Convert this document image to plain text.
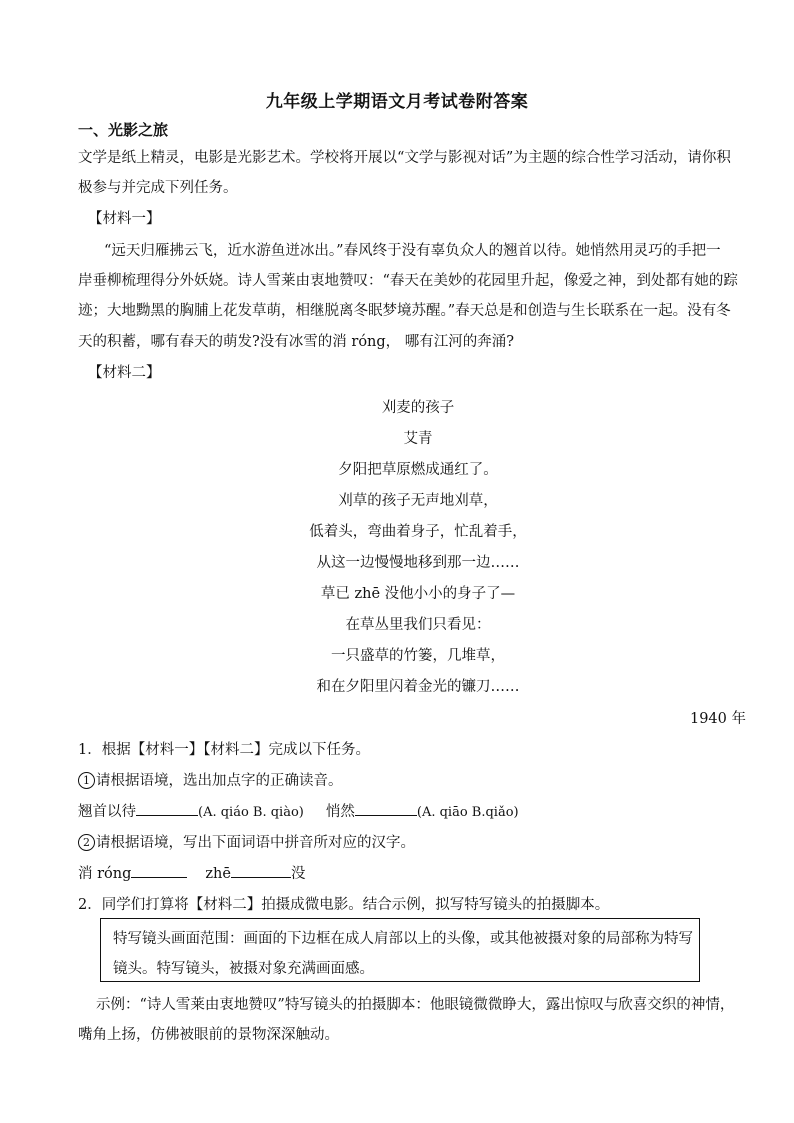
九年级上学期语文月考试卷附答案
一、光影之旅
文学是纸上精灵，电影是光影艺术。学校将开展以“文学与影视对话”为主题的综合性学习活动，请你积
极参与并完成下列任务。
【材料一】
“远天归雁拂云飞，近水游鱼迸冰出。”春风终于没有辜负众人的翘首以待。她悄然用灵巧的手把一
岸垂柳梳理得分外妖娆。诗人雪莱由衷地赞叹：“春天在美妙的花园里升起，像爱之神，到处都有她的踪
迹；大地黝黑的胸脯上花发草萌，相继脱离冬眠梦境苏醒。”春天总是和创造与生长联系在一起。没有冬
天的积蓄，哪有春天的萌发?没有冰雪的消 róng， 哪有江河的奔涌?
【材料二】
刈麦的孩子
艾青
夕阳把草原燃成通红了。
刈草的孩子无声地刈草，
低着头，弯曲着身子，忙乱着手，
从这一边慢慢地移到那一边……
草已 zhē 没他小小的身子了—
在草丛里我们只看见：
一只盛草的竹篓，几堆草，
和在夕阳里闪着金光的镰刀……
1940 年
1．根据【材料一】【材料二】完成以下任务。
1 请根据语境，选出加点字的正确读音。
翘首以待	(A. qiáo B. qiào) 悄然	(A. qiāo B.qiǎo)
2 请根据语境，写出下面词语中拼音所对应的汉字。
消 róng	zhē	没
2．同学们打算将【材料二】拍摄成微电影。结合示例，拟写特写镜头的拍摄脚本。
特写镜头画面范围：画面的下边框在成人肩部以上的头像，或其他被摄对象的局部称为特写
镜头。特写镜头，被摄对象充满画面感。
示例：“诗人雪莱由衷地赞叹”特写镜头的拍摄脚本：他眼镜微微睁大，露出惊叹与欣喜交织的神情，
嘴角上扬，仿佛被眼前的景物深深触动。
